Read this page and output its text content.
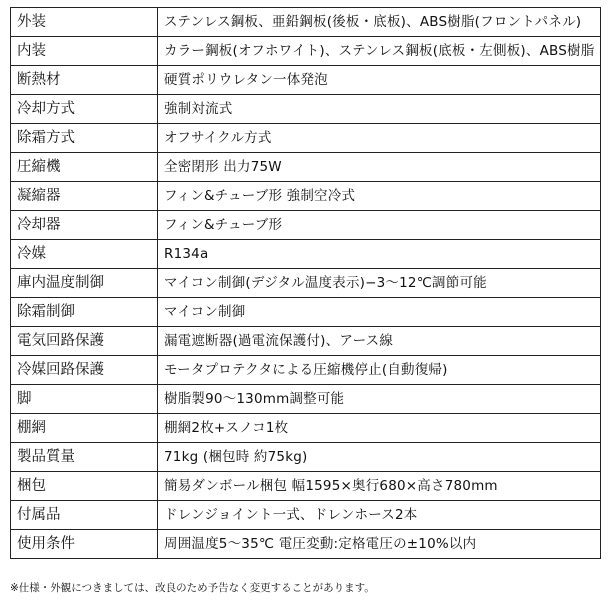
外装	ステンレス鋼板、亜鉛鋼板(後板・底板)、ABS樹脂(フロントパネル)
内装	カラー鋼板(オフホワイト)、ステンレス鋼板(底板・左側板)、ABS樹脂
断熱材	硬質ポリウレタン一体発泡
冷却方式	強制対流式
除霜方式	オフサイクル方式
圧縮機	全密閉形 出力75W
凝縮器	フィン&チューブ形 強制空冷式
冷却器	フィン&チューブ形
冷媒	R134a
庫内温度制御	マイコン制御(デジタル温度表示)−3〜12℃調節可能
除霜制御	マイコン制御
電気回路保護	漏電遮断器(過電流保護付)、アース線
冷媒回路保護	モータプロテクタによる圧縮機停止(自動復帰)
脚	樹脂製90〜130mm調整可能
棚網	棚網2枚+スノコ1枚
製品質量	71kg (梱包時 約75kg)
梱包	簡易ダンボール梱包 幅1595×奥行680×高さ780mm
付属品	ドレンジョイント一式、ドレンホース2本
使用条件	周囲温度5〜35℃ 電圧変動:定格電圧の±10%以内
※仕様・外観につきましては、改良のため予告なく変更することがあります。
